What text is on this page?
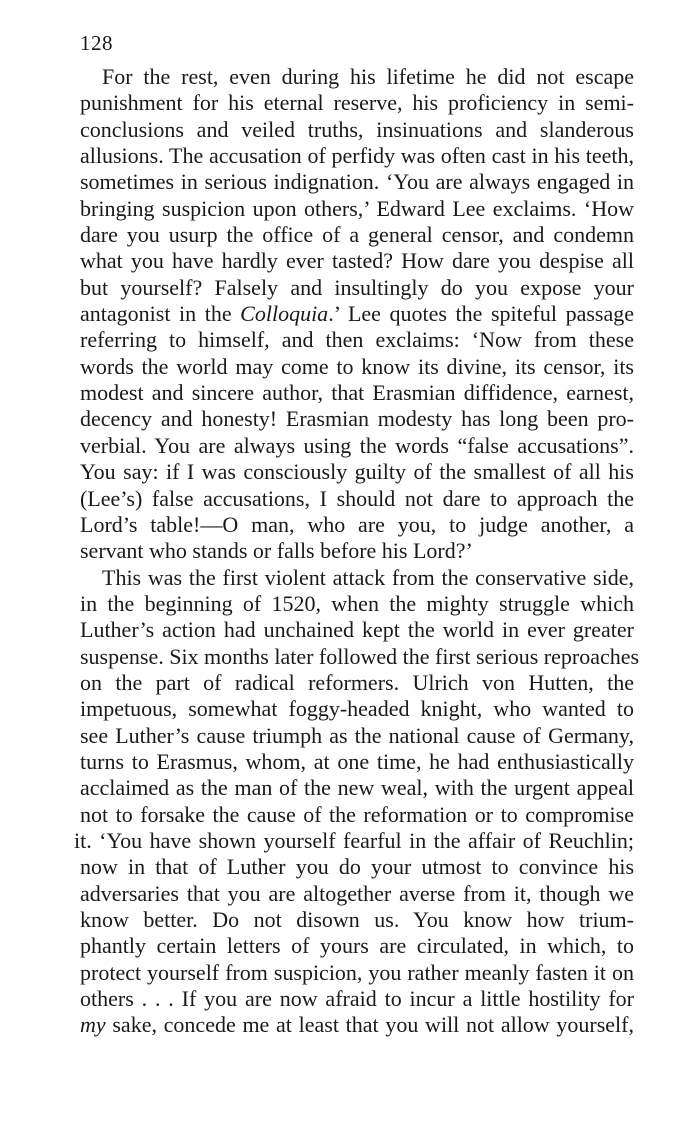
128
For the rest, even during his lifetime he did not escape
punishment for his eternal reserve, his proficiency in semi-
conclusions and veiled truths, insinuations and slanderous
allusions. The accusation of perfidy was often cast in his teeth,
sometimes in serious indignation. ‘You are always engaged in
bringing suspicion upon others,’ Edward Lee exclaims. ‘How
dare you usurp the office of a general censor, and condemn
what you have hardly ever tasted? How dare you despise all
but yourself? Falsely and insultingly do you expose your
antagonist in the Colloquia.’ Lee quotes the spiteful passage
referring to himself, and then exclaims: ‘Now from these
words the world may come to know its divine, its censor, its
modest and sincere author, that Erasmian diffidence, earnest,
decency and honesty! Erasmian modesty has long been pro-
verbial. You are always using the words “false accusations”.
You say: if I was consciously guilty of the smallest of all his
(Lee’s) false accusations, I should not dare to approach the
Lord’s table!—O man, who are you, to judge another, a
servant who stands or falls before his Lord?’
This was the first violent attack from the conservative side,
in the beginning of 1520, when the mighty struggle which
Luther’s action had unchained kept the world in ever greater
suspense. Six months later followed the first serious reproaches
on the part of radical reformers. Ulrich von Hutten, the
impetuous, somewhat foggy-headed knight, who wanted to
see Luther’s cause triumph as the national cause of Germany,
turns to Erasmus, whom, at one time, he had enthusiastically
acclaimed as the man of the new weal, with the urgent appeal
not to forsake the cause of the reformation or to compromise
it. ‘You have shown yourself fearful in the affair of Reuchlin;
now in that of Luther you do your utmost to convince his
adversaries that you are altogether averse from it, though we
know better. Do not disown us. You know how trium-
phantly certain letters of yours are circulated, in which, to
protect yourself from suspicion, you rather meanly fasten it on
others . . . If you are now afraid to incur a little hostility for
my sake, concede me at least that you will not allow yourself,
